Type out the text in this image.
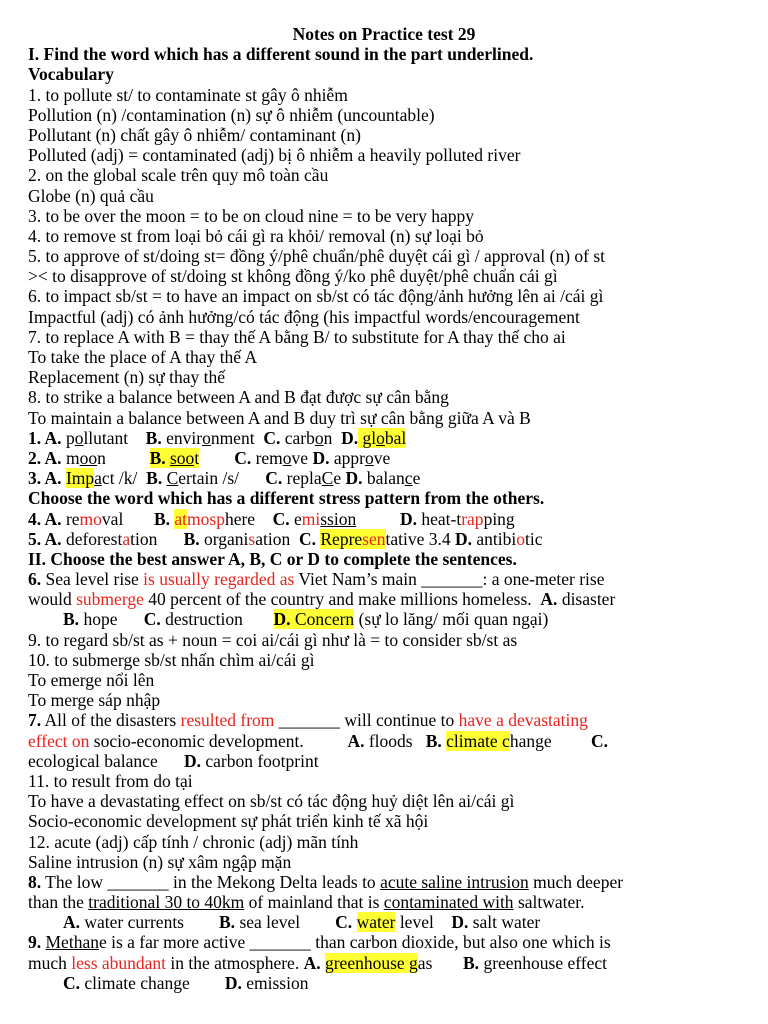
Notes on Practice test 29
I. Find the word which has a different sound in the part underlined.
Vocabulary
1. to pollute st/ to contaminate st gây ô nhiễm
Pollution (n) /contamination (n) sự ô nhiễm (uncountable)
Pollutant (n) chất gây ô nhiễm/ contaminant (n)
Polluted (adj) = contaminated (adj) bị ô nhiễm a heavily polluted river
2. on the global scale trên quy mô toàn cầu
Globe (n) quả cầu
3. to be over the moon = to be on cloud nine = to be very happy
4. to remove st from loại bỏ cái gì ra khỏi/ removal (n) sự loại bỏ
5. to approve of st/doing st= đồng ý/phê chuẩn/phê duyệt cái gì / approval (n) of st
>< to disapprove of st/doing st không đồng ý/ko phê duyệt/phê chuẩn cái gì
6. to impact sb/st = to have an impact on sb/st có tác động/ảnh hưởng lên ai /cái gì
Impactful (adj) có ảnh hưởng/có tác động (his impactful words/encouragement
7. to replace A with B = thay thế A bằng B/ to substitute for A thay thế cho ai
To take the place of A thay thế A
Replacement (n) sự thay thế
8. to strike a balance between A and B đạt được sự cân bằng
To maintain a balance between A and B duy trì sự cân bằng giữa A và B
1. A. pollutant    B. environment  C. carbon  D. global
2. A. moon          B. soot C. remove D. approve
3. A. Impact /k/  B. Certain /s/      C. replaCe D. balance
Choose the word which has a different stress pattern from the others.
4. A. removal       B. atmosphere    C. emission	D. heat-trapping
5. A. deforestation      B. organisation  C. Representative 3.4 D. antibiotic
II. Choose the best answer A, B, C or D to complete the sentences.
6. Sea level rise is usually regarded as Viet Nam’s main _______: a one-meter rise
would submerge 40 percent of the country and make millions homeless.  A. disaster
B. hope      C. destruction       D. Concern (sự lo lăng/ mối quan ngại)
9. to regard sb/st as + noun = coi ai/cái gì như là = to consider sb/st as
10. to submerge sb/st nhấn chìm ai/cái gì
To emerge nổi lên
To merge sáp nhập
7. All of the disasters resulted from _______ will continue to have a devastating
effect on socio-economic development.          A. floods   B. climate change         C.
ecological balance      D. carbon footprint
11. to result from do tại
To have a devastating effect on sb/st có tác động huỷ diệt lên ai/cái gì
Socio-economic development sự phát triển kinh tế xã hội
12. acute (adj) cấp tính / chronic (adj) mãn tính
Saline intrusion (n) sự xâm ngập mặn
8. The low _______ in the Mekong Delta leads to acute saline intrusion much deeper
than the traditional 30 to 40km of mainland that is contaminated with saltwater.
A. water currents        B. sea level        C. water level    D. salt water
9. Methane is a far more active _______ than carbon dioxide, but also one which is
much less abundant in the atmosphere. A. greenhouse gas       B. greenhouse effect
C. climate change        D. emission
